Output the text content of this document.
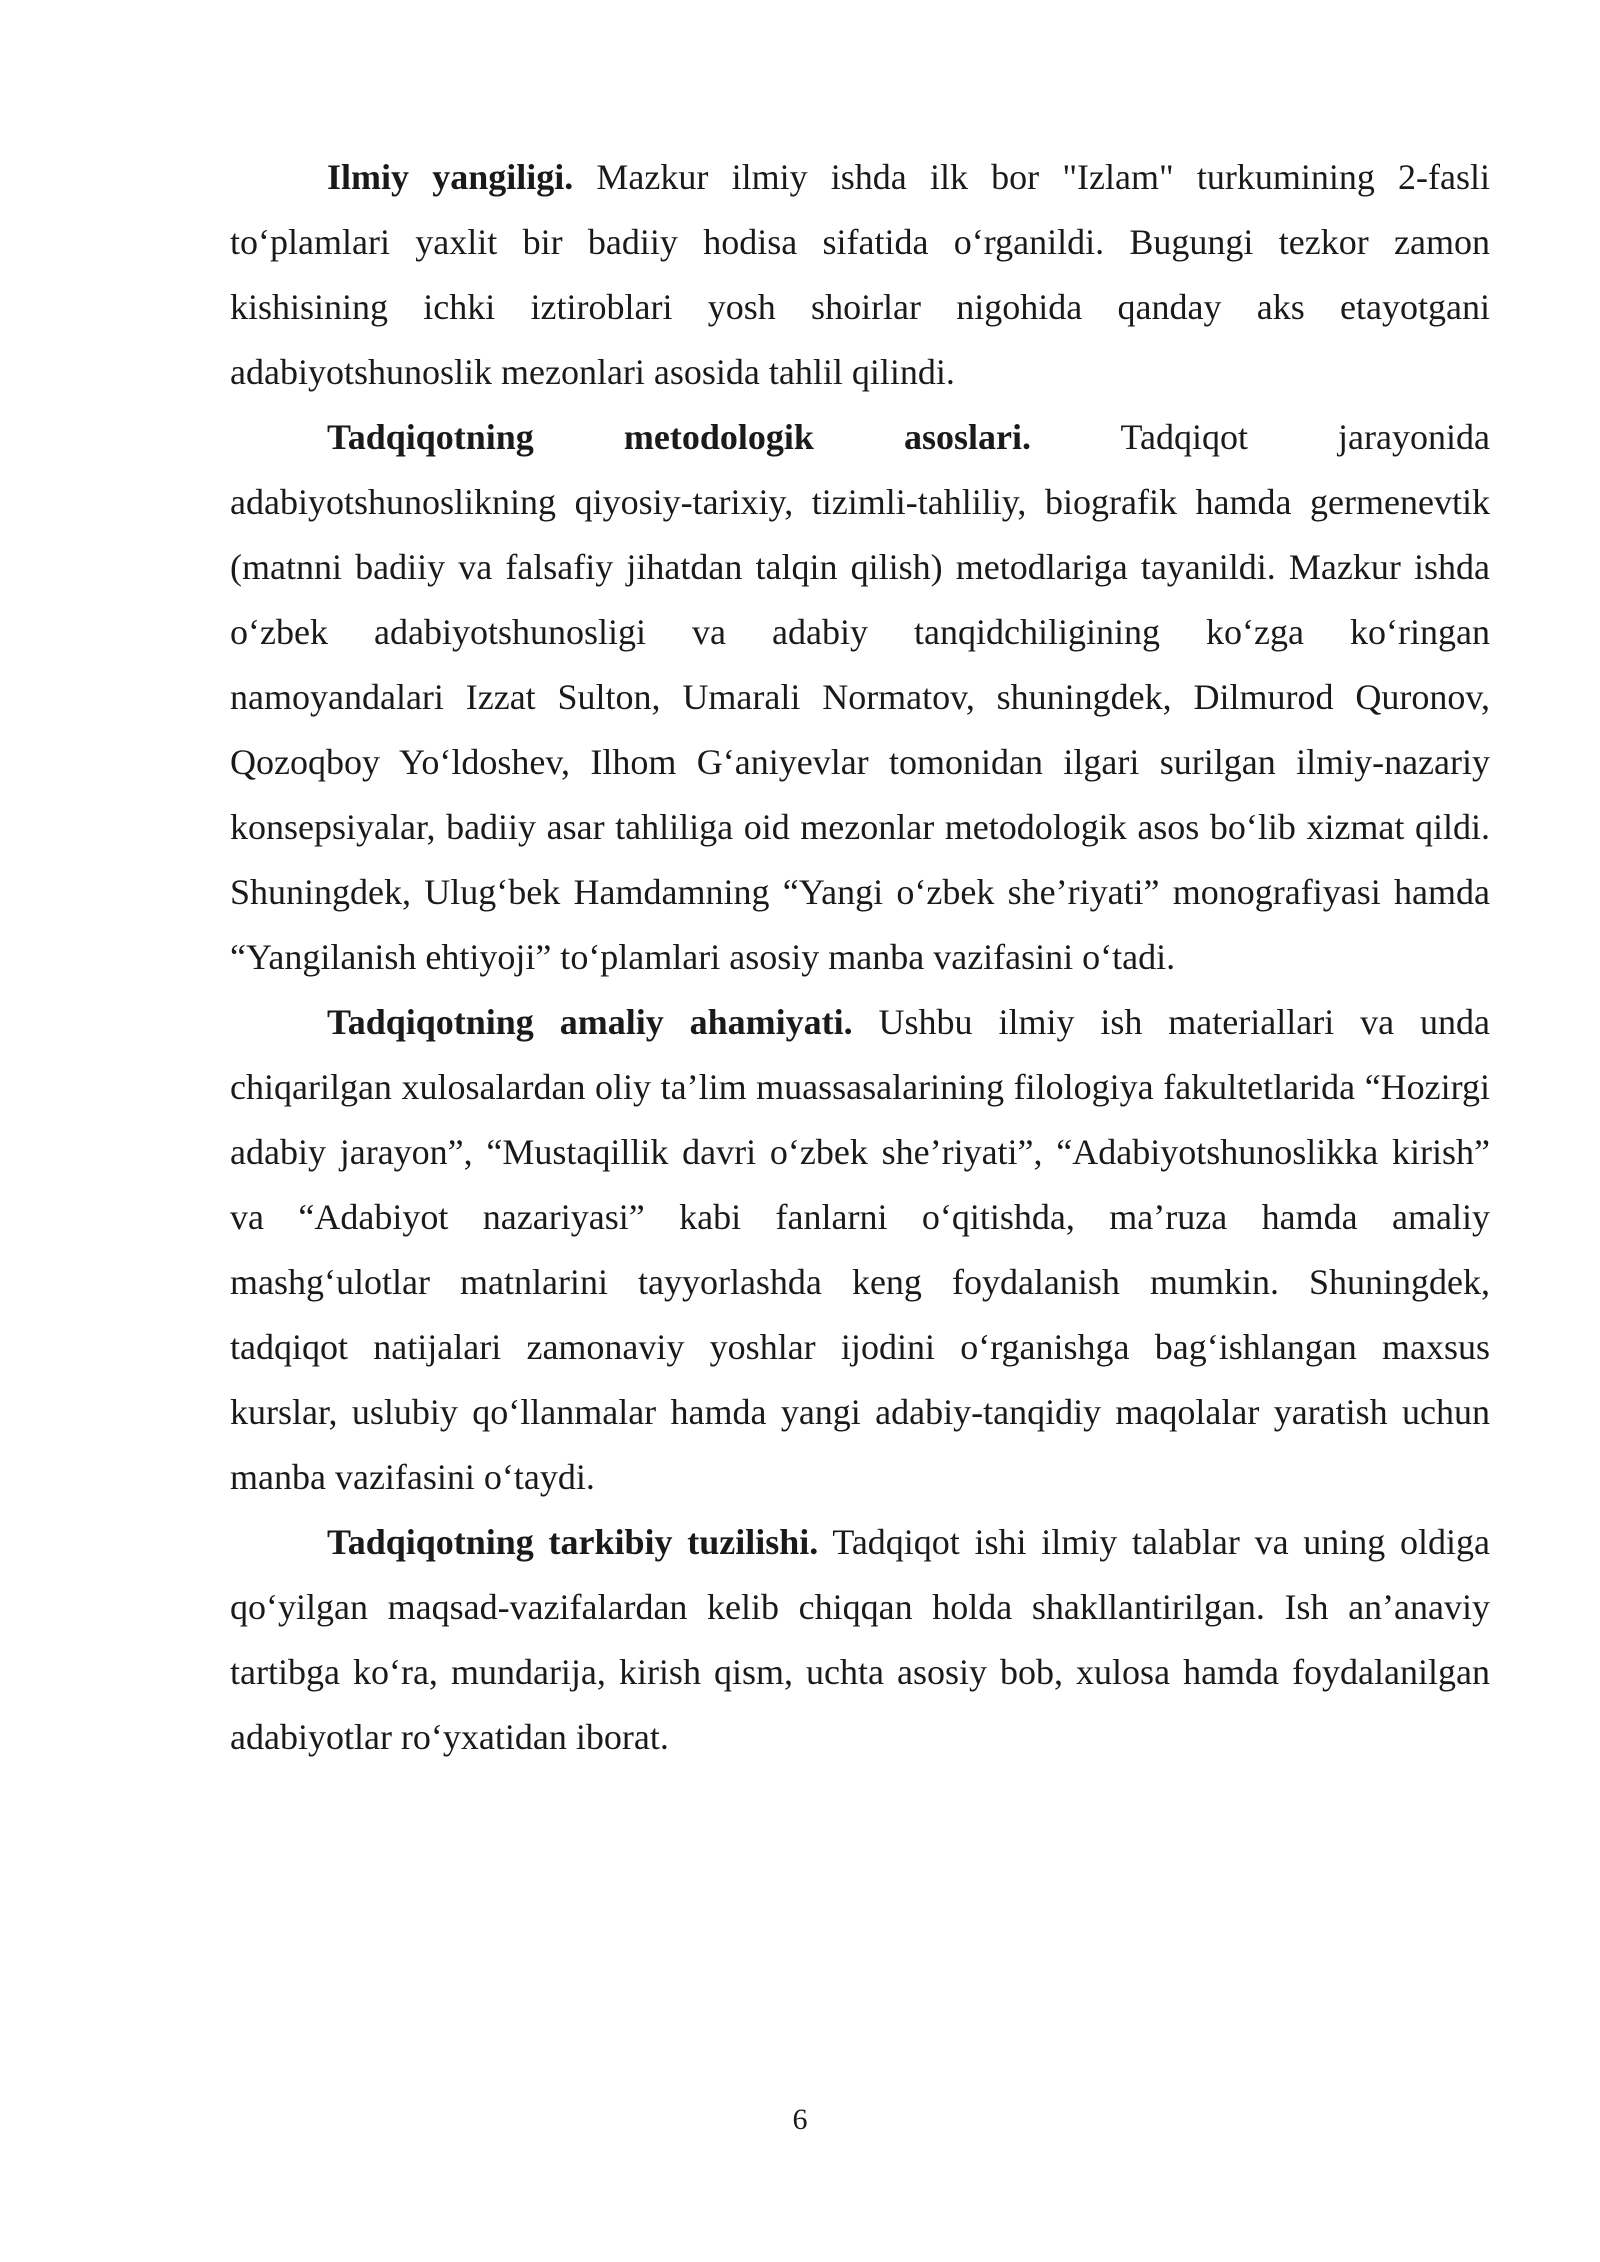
Ilmiy yangiligi. Mazkur ilmiy ishda ilk bor "Izlam" turkumining 2-fasli to‘plamlari yaxlit bir badiiy hodisa sifatida o‘rganildi. Bugungi tezkor zamon kishisining ichki iztiroblari yosh shoirlar nigohida qanday aks etayotgani adabiyotshunoslik mezonlari asosida tahlil qilindi.

Tadqiqotning metodologik asoslari. Tadqiqot jarayonida adabiyotshunoslikning qiyosiy-tarixiy, tizimli-tahliliy, biografik hamda germenevtik (matnni badiiy va falsafiy jihatdan talqin qilish) metodlariga tayanildi. Mazkur ishda o‘zbek adabiyotshunosligi va adabiy tanqidchiligining ko‘zga ko‘ringan namoyandalari Izzat Sulton, Umarali Normatov, shuningdek, Dilmurod Quronov, Qozoqboy Yo‘ldoshev, Ilhom G‘aniyevlar tomonidan ilgari surilgan ilmiy-nazariy konsepsiyalar, badiiy asar tahliliga oid mezonlar metodologik asos bo‘lib xizmat qildi. Shuningdek, Ulug‘bek Hamdamning “Yangi o‘zbek she’riyati” monografiyasi hamda “Yangilanish ehtiyoji” to‘plamlari asosiy manba vazifasini o‘tadi.

Tadqiqotning amaliy ahamiyati. Ushbu ilmiy ish materiallari va unda chiqarilgan xulosalardan oliy ta’lim muassasalarining filologiya fakultetlarida “Hozirgi adabiy jarayon”, “Mustaqillik davri o‘zbek she’riyati”, “Adabiyotshunoslikka kirish” va “Adabiyot nazariyasi” kabi fanlarni o‘qitishda, ma’ruza hamda amaliy mashg‘ulotlar matnlarini tayyorlashda keng foydalanish mumkin. Shuningdek, tadqiqot natijalari zamonaviy yoshlar ijodini o‘rganishga bag‘ishlangan maxsus kurslar, uslubiy qo‘llanmalar hamda yangi adabiy-tanqidiy maqolalar yaratish uchun manba vazifasini o‘taydi.

Tadqiqotning tarkibiy tuzilishi. Tadqiqot ishi ilmiy talablar va uning oldiga qo‘yilgan maqsad-vazifalardan kelib chiqqan holda shakllantirilgan. Ish an’anaviy tartibga ko‘ra, mundarija, kirish qism, uchta asosiy bob, xulosa hamda foydalanilgan adabiyotlar ro‘yxatidan iborat.

6
